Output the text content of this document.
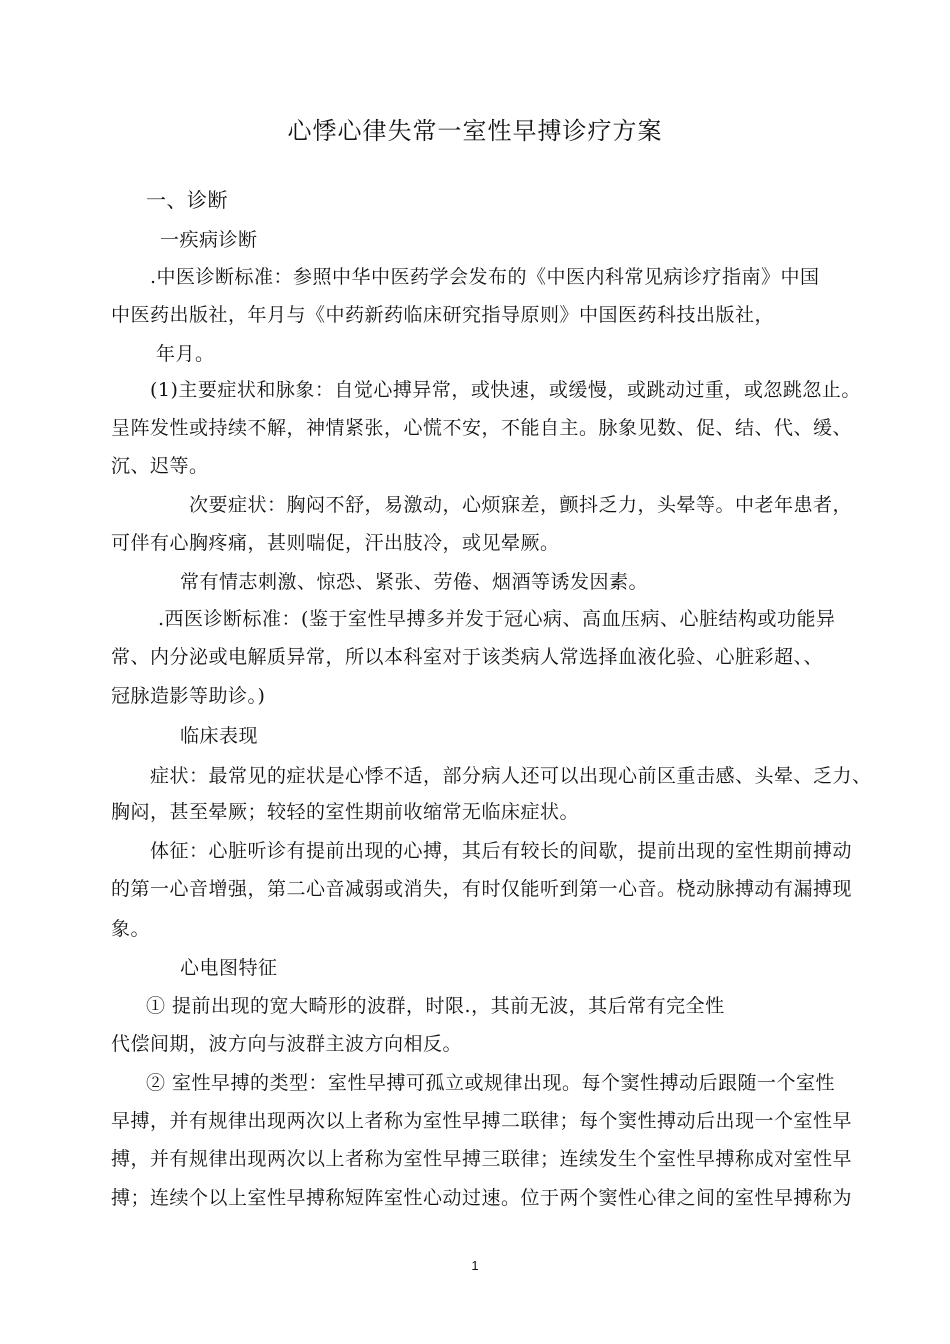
心悸心律失常一室性早搏诊疗方案
一、诊断
一疾病诊断
.中医诊断标准：参照中华中医药学会发布的《中医内科常见病诊疗指南》中国
中医药出版社，年月与《中药新药临床研究指导原则》中国医药科技出版社，
年月。
(1)主要症状和脉象：自觉心搏异常，或快速，或缓慢，或跳动过重，或忽跳忽止。
呈阵发性或持续不解，神情紧张，心慌不安，不能自主。脉象见数、促、结、代、缓、
沉、迟等。
次要症状：胸闷不舒，易激动，心烦寐差，颤抖乏力，头晕等。中老年患者，
可伴有心胸疼痛，甚则喘促，汗出肢冷，或见晕厥。
常有情志刺激、惊恐、紧张、劳倦、烟酒等诱发因素。
.西医诊断标准：(鉴于室性早搏多并发于冠心病、高血压病、心脏结构或功能异
常、内分泌或电解质异常，所以本科室对于该类病人常选择血液化验、心脏彩超、、
冠脉造影等助诊。)
临床表现
症状：最常见的症状是心悸不适，部分病人还可以出现心前区重击感、头晕、乏力、
胸闷，甚至晕厥；较轻的室性期前收缩常无临床症状。
体征：心脏听诊有提前出现的心搏，其后有较长的间歇，提前出现的室性期前搏动
的第一心音增强，第二心音减弱或消失，有时仅能听到第一心音。桡动脉搏动有漏搏现
象。
心电图特征
① 提前出现的宽大畸形的波群，时限.，其前无波，其后常有完全性
代偿间期，波方向与波群主波方向相反。
② 室性早搏的类型：室性早搏可孤立或规律出现。每个窦性搏动后跟随一个室性
早搏，并有规律出现两次以上者称为室性早搏二联律；每个窦性搏动后出现一个室性早
搏，并有规律出现两次以上者称为室性早搏三联律；连续发生个室性早搏称成对室性早
搏；连续个以上室性早搏称短阵室性心动过速。位于两个窦性心律之间的室性早搏称为
1
